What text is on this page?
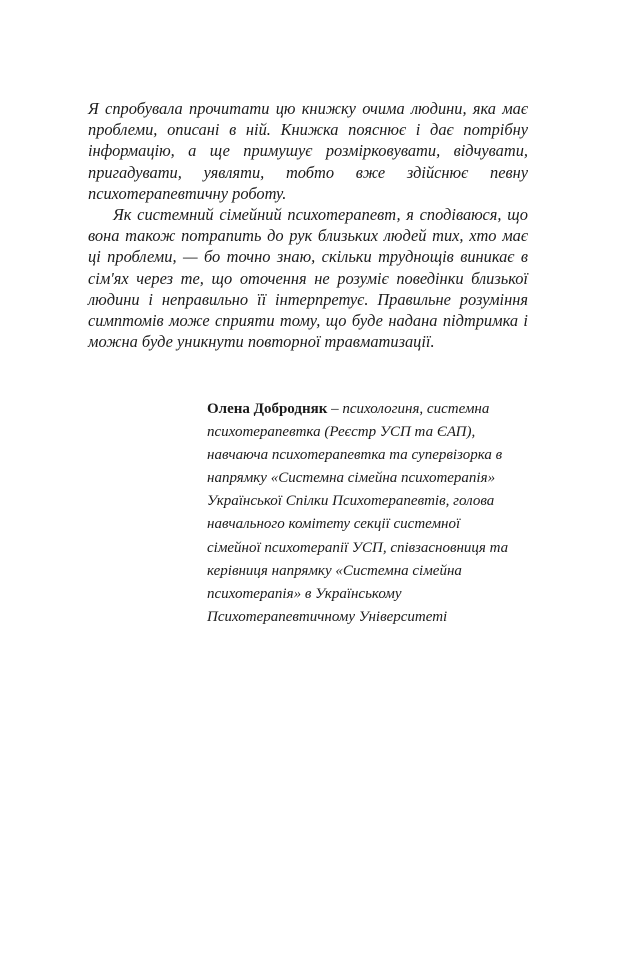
Я спробувала прочитати цю книжку очима людини, яка має проблеми, описані в ній. Книжка пояснює і дає потрібну інформацію, а ще примушує розмірковувати, відчувати, пригадувати, уявляти, тобто вже здійснює певну психотерапевтичну роботу.

Як системний сімейний психотерапевт, я сподіваюся, що вона також потрапить до рук близьких людей тих, хто має ці проблеми, — бо точно знаю, скільки труднощів виникає в сім'ях через те, що оточення не розуміє поведінки близької людини і неправильно її інтерпретує. Правильне розуміння симптомів може сприяти тому, що буде надана підтримка і можна буде уникнути повторної травматизації.

Олена Добродняк – психологиня, системна психотерапевтка (Реєстр УСП та ЄАП), навчаюча психотерапевтка та супервізорка в напрямку «Системна сімейна психотерапія» Української Спілки Психотерапевтів, голова навчального комітету секції системної сімейної психотерапії УСП, співзасновниця та керівниця напрямку «Системна сімейна психотерапія» в Українському Психотерапевтичному Університеті
